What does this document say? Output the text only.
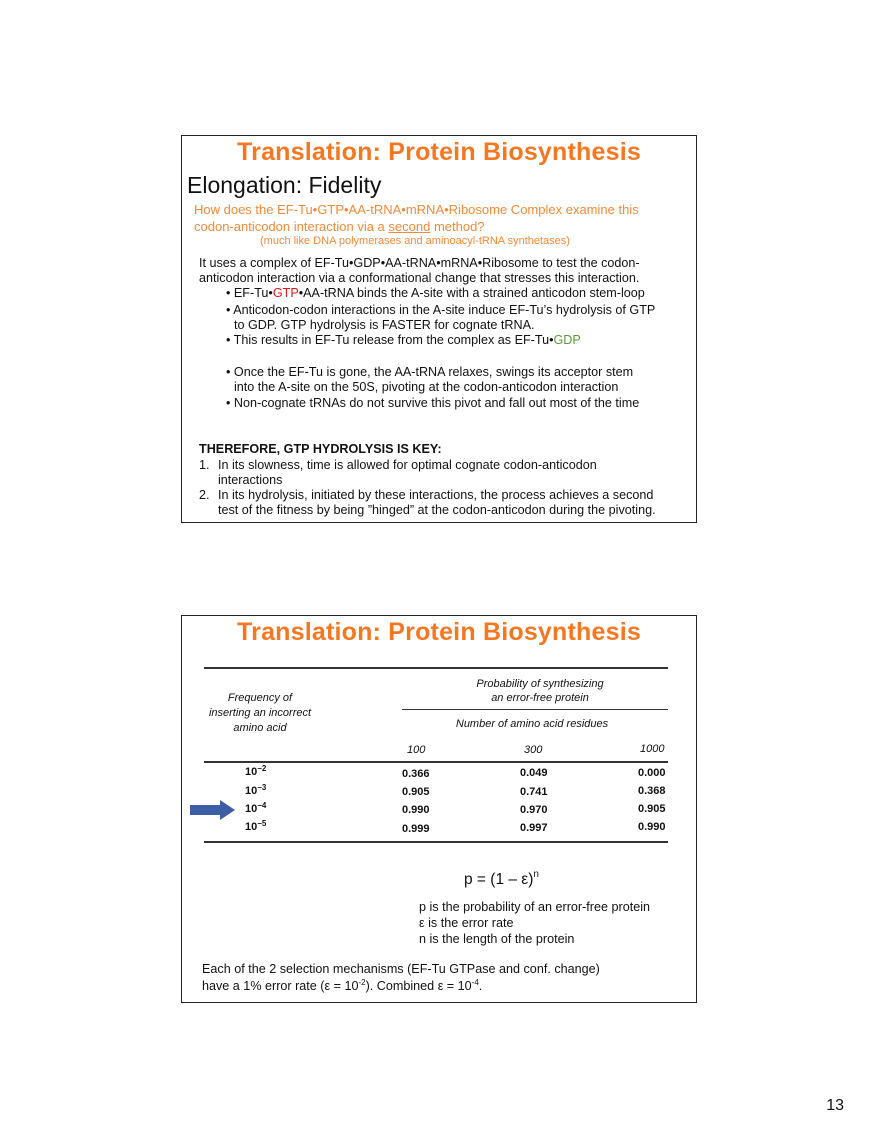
Translation: Protein Biosynthesis
Elongation: Fidelity
How does the EF-Tu•GTP•AA-tRNA•mRNA•Ribosome Complex examine this
codon-anticodon interaction via a second method?
(much like DNA polymerases and aminoacyl-tRNA synthetases)
It uses a complex of EF-Tu•GDP•AA-tRNA•mRNA•Ribosome to test the codon-
anticodon interaction via a conformational change that stresses this interaction.
• EF-Tu•GTP•AA-tRNA binds the A-site with a strained anticodon stem-loop
• Anticodon-codon interactions in the A-site induce EF-Tu’s hydrolysis of GTP
to GDP. GTP hydrolysis is FASTER for cognate tRNA.
• This results in EF-Tu release from the complex as EF-Tu•GDP
• Once the EF-Tu is gone, the AA-tRNA relaxes, swings its acceptor stem
into the A-site on the 50S, pivoting at the codon-anticodon interaction
• Non-cognate tRNAs do not survive this pivot and fall out most of the time
THEREFORE, GTP HYDROLYSIS IS KEY:
1. In its slowness, time is allowed for optimal cognate codon-anticodon
interactions
2. In its hydrolysis, initiated by these interactions, the process achieves a second
test of the fitness by being ”hinged” at the codon-anticodon during the pivoting.
Translation: Protein Biosynthesis
Frequency of
inserting an incorrect
amino acid
Probability of synthesizing
an error-free protein
Number of amino acid residues
100	300	1000
$10^{-2}$	0.366	0.049	0.000
$10^{-3}$	0.905	0.741	0.368
$10^{-4}$	0.990	0.970	0.905
$10^{-5}$	0.999	0.997	0.990
p = (1 – ε)$^n$
p is the probability of an error-free protein
ε is the error rate
n is the length of the protein
Each of the 2 selection mechanisms (EF-Tu GTPase and conf. change)
have a 1% error rate $(\varepsilon = 10^{-2})$. Combined $\varepsilon = 10^{-4}$.
13
